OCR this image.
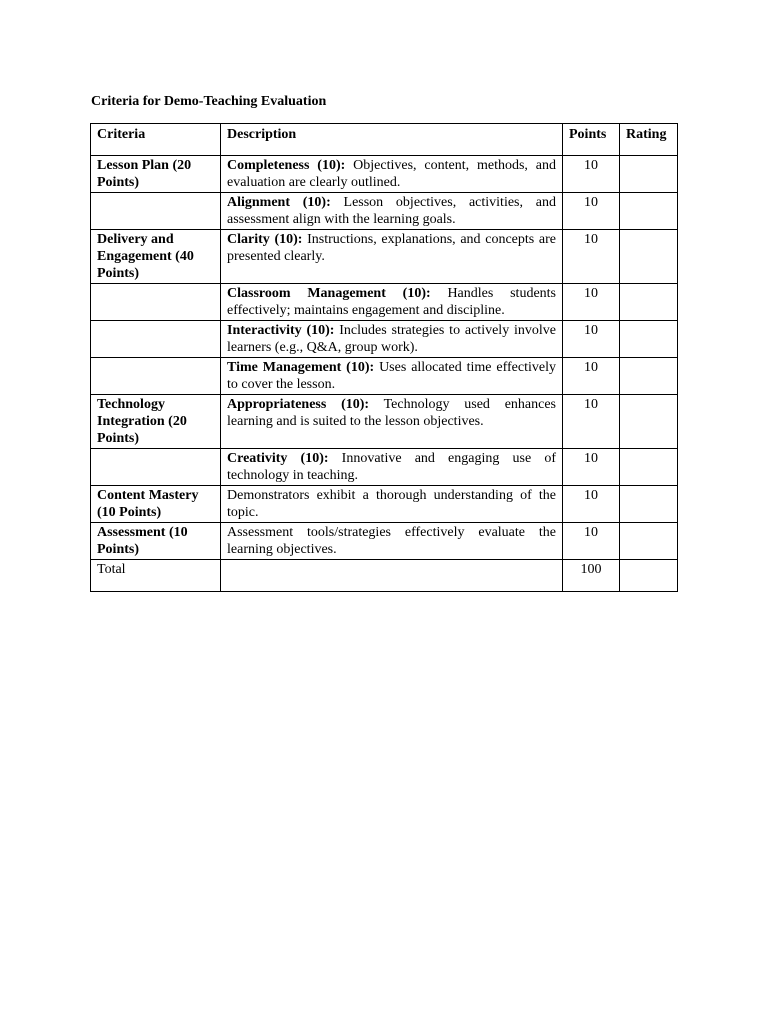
Criteria for Demo-Teaching Evaluation

Criteria	Description	Points	Rating
Lesson Plan (20 Points)	Completeness (10): Objectives, content, methods, and evaluation are clearly outlined.	10	
	Alignment (10): Lesson objectives, activities, and assessment align with the learning goals.	10	
Delivery and Engagement (40 Points)	Clarity (10): Instructions, explanations, and concepts are presented clearly.	10	
	Classroom Management (10): Handles students effectively; maintains engagement and discipline.	10	
	Interactivity (10): Includes strategies to actively involve learners (e.g., Q&A, group work).	10	
	Time Management (10): Uses allocated time effectively to cover the lesson.	10	
Technology Integration (20 Points)	Appropriateness (10): Technology used enhances learning and is suited to the lesson objectives.	10	
	Creativity (10): Innovative and engaging use of technology in teaching.	10	
Content Mastery (10 Points)	Demonstrators exhibit a thorough understanding of the topic.	10	
Assessment (10 Points)	Assessment tools/strategies effectively evaluate the learning objectives.	10	
Total		100	
